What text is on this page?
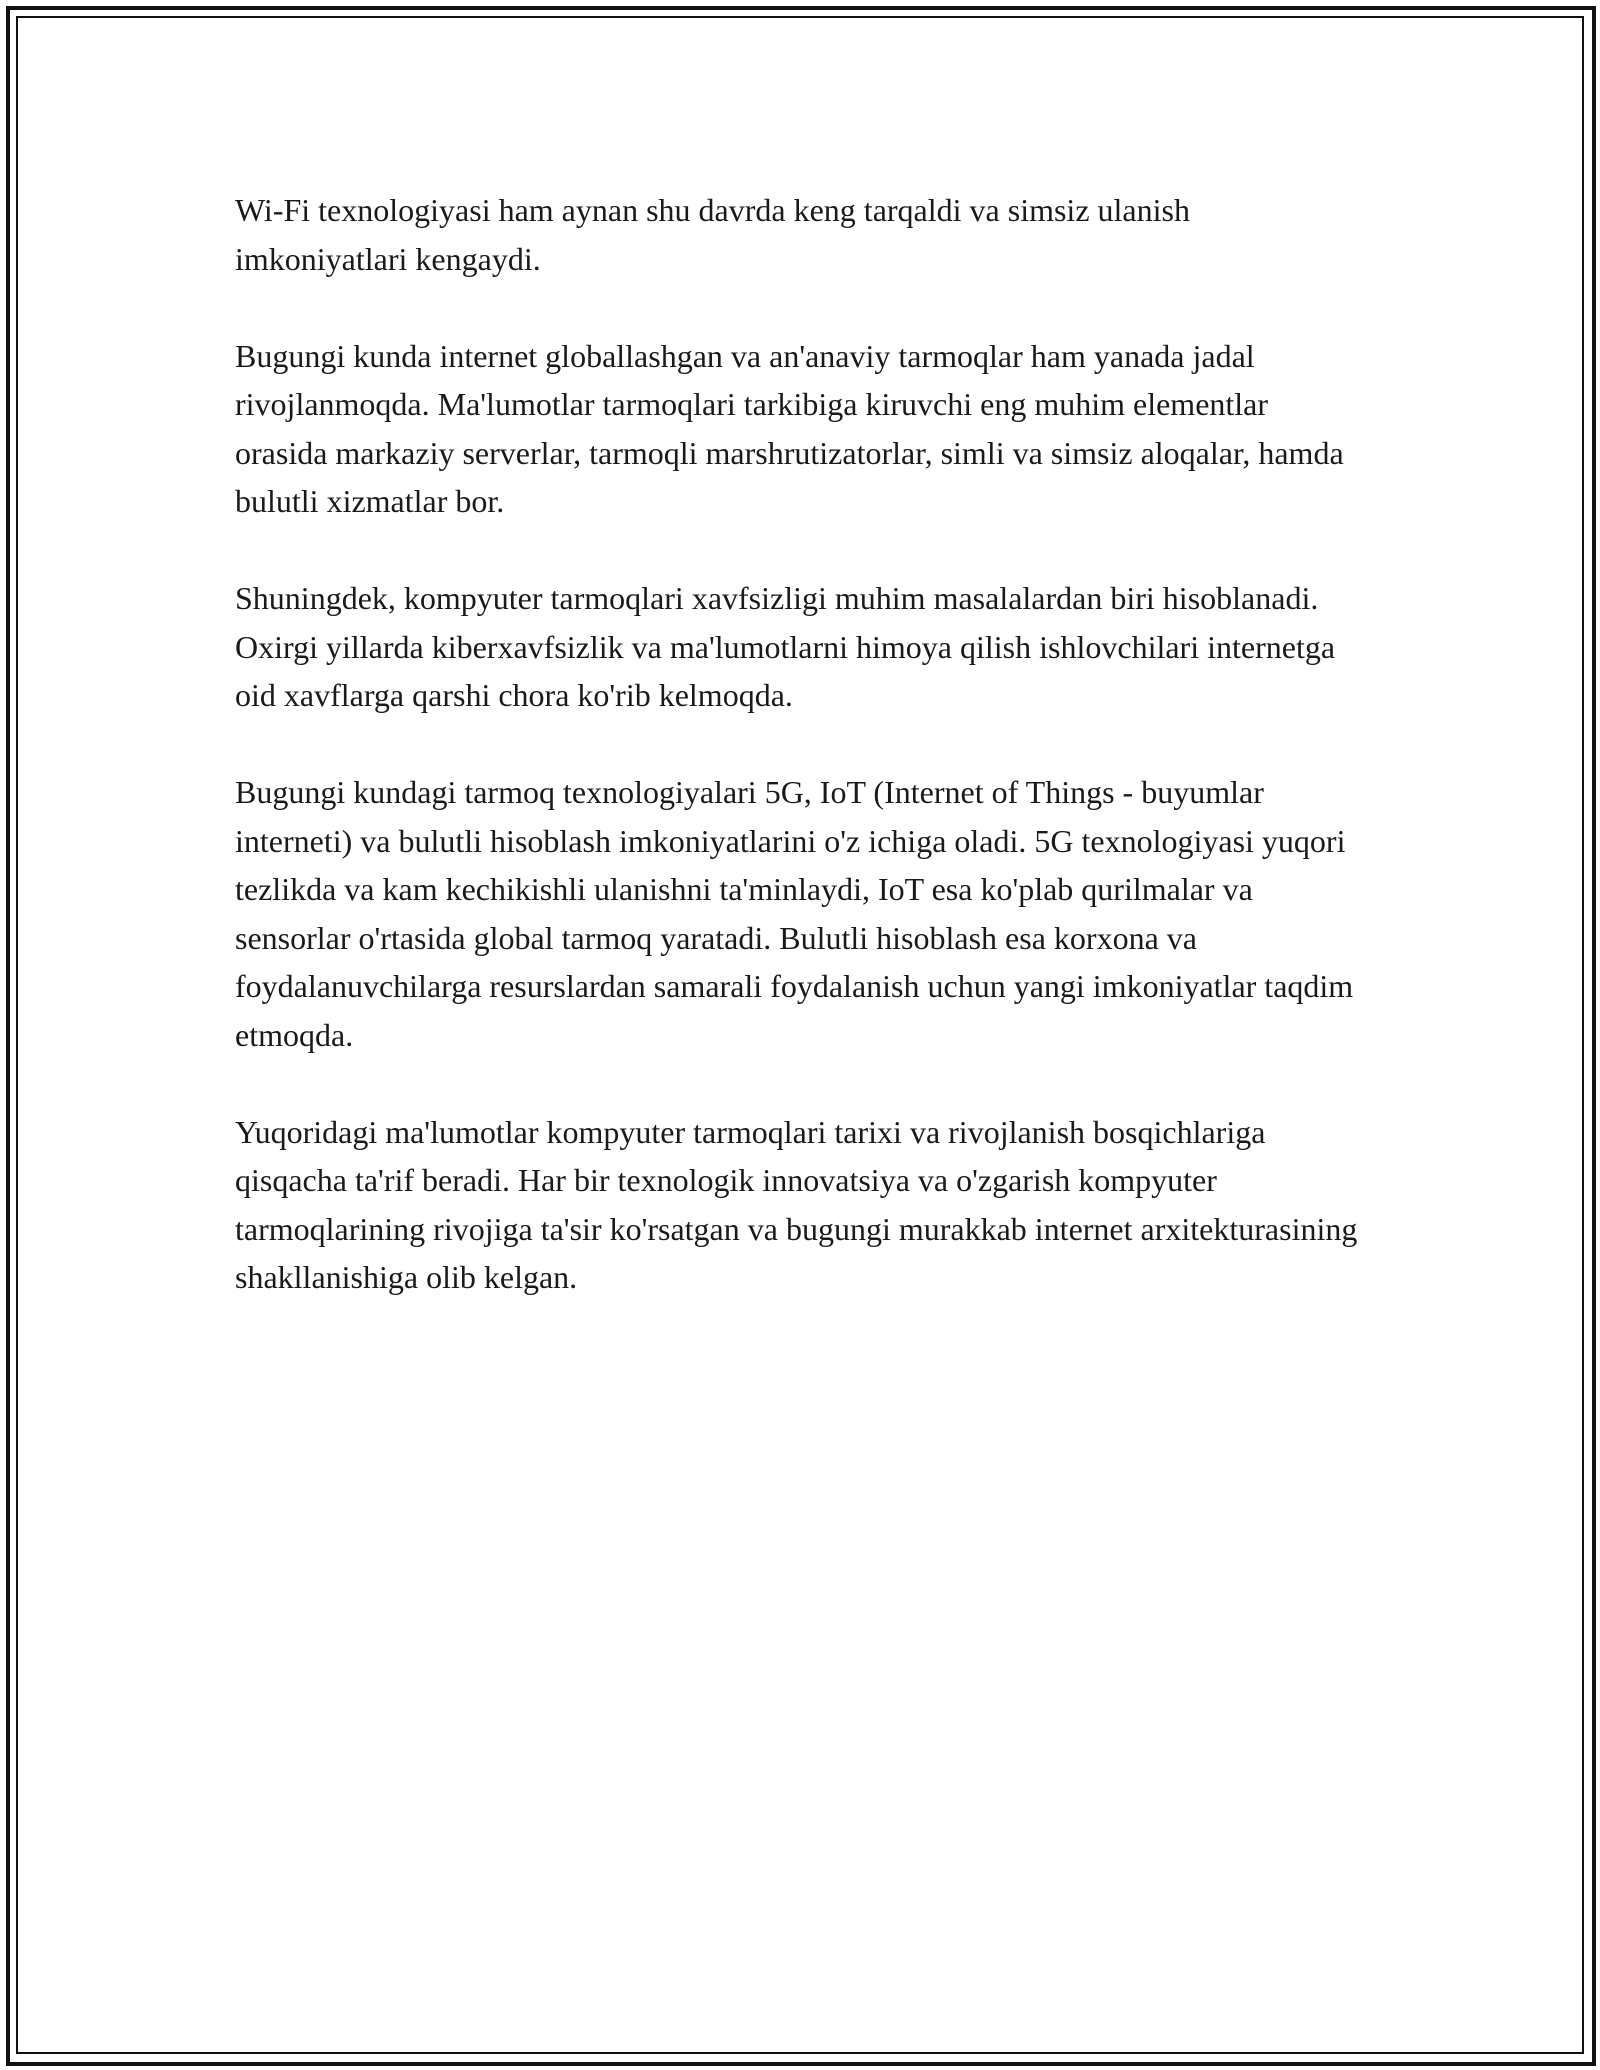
Wi-Fi texnologiyasi ham aynan shu davrda keng tarqaldi va simsiz ulanish imkoniyatlari kengaydi.

Bugungi kunda internet globallashgan va an'anaviy tarmoqlar ham yanada jadal rivojlanmoqda. Ma'lumotlar tarmoqlari tarkibiga kiruvchi eng muhim elementlar orasida markaziy serverlar, tarmoqli marshrutizatorlar, simli va simsiz aloqalar, hamda bulutli xizmatlar bor.

Shuningdek, kompyuter tarmoqlari xavfsizligi muhim masalalardan biri hisoblanadi. Oxirgi yillarda kiberxavfsizlik va ma'lumotlarni himoya qilish ishlovchilari internetga oid xavflarga qarshi chora ko'rib kelmoqda.

Bugungi kundagi tarmoq texnologiyalari 5G, IoT (Internet of Things - buyumlar interneti) va bulutli hisoblash imkoniyatlarini o'z ichiga oladi. 5G texnologiyasi yuqori tezlikda va kam kechikishli ulanishni ta'minlaydi, IoT esa ko'plab qurilmalar va sensorlar o'rtasida global tarmoq yaratadi. Bulutli hisoblash esa korxona va foydalanuvchilarga resurslardan samarali foydalanish uchun yangi imkoniyatlar taqdim etmoqda.

Yuqoridagi ma'lumotlar kompyuter tarmoqlari tarixi va rivojlanish bosqichlariga qisqacha ta'rif beradi. Har bir texnologik innovatsiya va o'zgarish kompyuter tarmoqlarining rivojiga ta'sir ko'rsatgan va bugungi murakkab internet arxitekturasining shakllanishiga olib kelgan.
